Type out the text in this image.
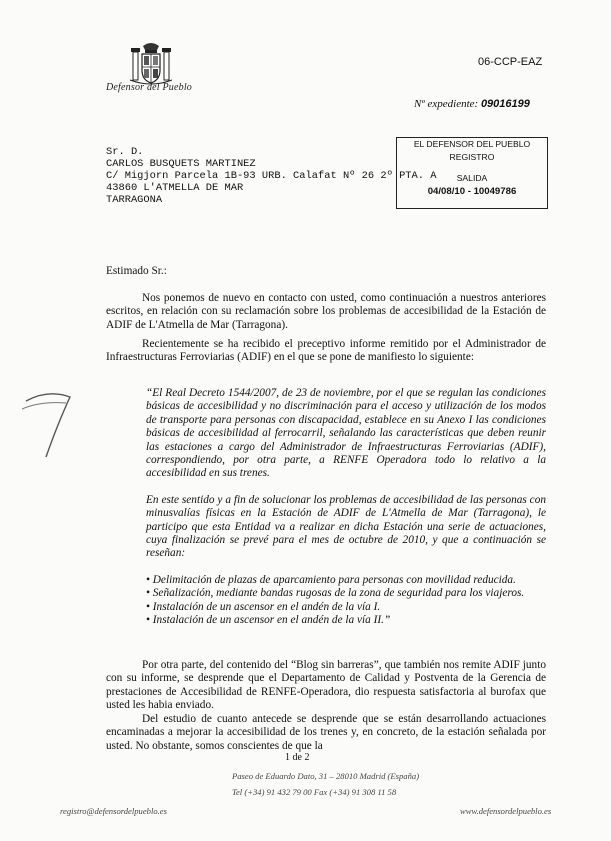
Defensor del Pueblo
06-CCP-EAZ
Nº expediente: 09016199
Sr. D.
CARLOS BUSQUETS MARTINEZ
C/ Migjorn Parcela 1B-93 URB. Calafat Nº 26 2º PTA. A
43860 L'ATMELLA DE MAR
TARRAGONA
EL DEFENSOR DEL PUEBLO
REGISTRO
SALIDA
04/08/10 - 10049786
Estimado Sr.:

Nos ponemos de nuevo en contacto con usted, como continuación a nuestros anteriores escritos, en relación con su reclamación sobre los problemas de accesibilidad de la Estación de ADIF de L'Atmella de Mar (Tarragona).

Recientemente se ha recibido el preceptivo informe remitido por el Administrador de Infraestructuras Ferroviarias (ADIF) en el que se pone de manifiesto lo siguiente:

“El Real Decreto 1544/2007, de 23 de noviembre, por el que se regulan las condiciones básicas de accesibilidad y no discriminación para el acceso y utilización de los modos de transporte para personas con discapacidad, establece en su Anexo I las condiciones básicas de accesibilidad al ferrocarril, señalando las características que deben reunir las estaciones a cargo del Administrador de Infraestructuras Ferroviarias (ADIF), correspondiendo, por otra parte, a RENFE Operadora todo lo relativo a la accesibilidad en sus trenes.

En este sentido y a fin de solucionar los problemas de accesibilidad de las personas con minusvalías físicas en la Estación de ADIF de L'Atmella de Mar (Tarragona), le participo que esta Entidad va a realizar en dicha Estación una serie de actuaciones, cuya finalización se prevé para el mes de octubre de 2010, y que a continuación se reseñan:

• Delimitación de plazas de aparcamiento para personas con movilidad reducida.

• Señalización, mediante bandas rugosas de la zona de seguridad para los viajeros.

• Instalación de un ascensor en el andén de la vía I.

• Instalación de un ascensor en el andén de la vía II.”

Por otra parte, del contenido del “Blog sin barreras”, que también nos remite ADIF junto con su informe, se desprende que el Departamento de Calidad y Postventa de la Gerencia de prestaciones de Accesibilidad de RENFE-Operadora, dio respuesta satisfactoria al burofax que usted les habia enviado.

Del estudio de cuanto antecede se desprende que se están desarrollando actuaciones encaminadas a mejorar la accesibilidad de los trenes y, en concreto, de la estación señalada por usted. No obstante, somos conscientes de que la

1 de 2
Paseo de Eduardo Dato, 31 – 28010 Madrid (España)
Tel (+34) 91 432 79 00 Fax (+34) 91 308 11 58
registro@defensordelpueblo.es	www.defensordelpueblo.es
